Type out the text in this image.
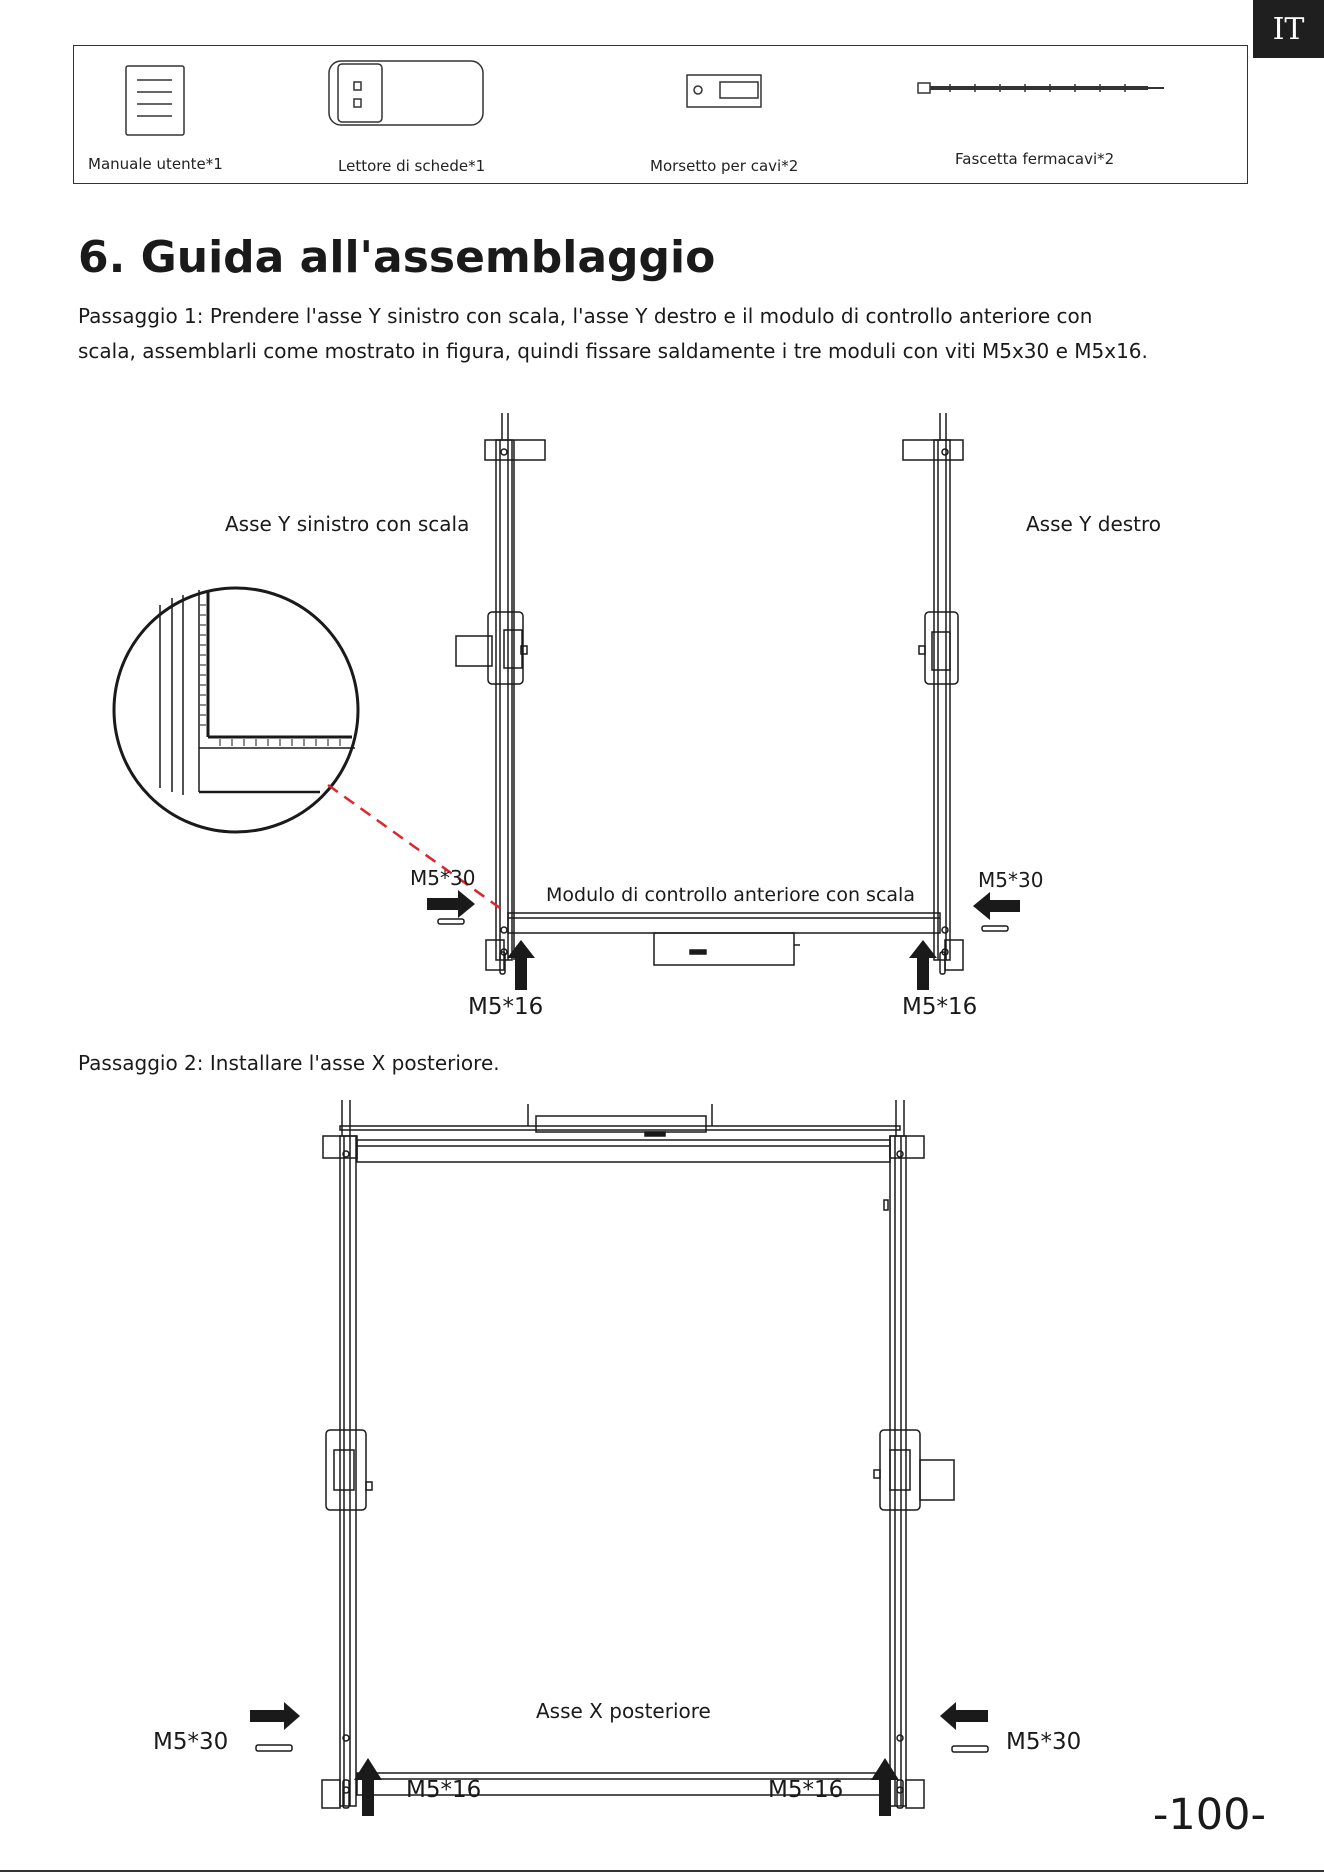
IT
Manuale utente*1	Lettore di schede*1	Morsetto per cavi*2	Fascetta fermacavi*2
6. Guida all'assemblaggio
Passaggio 1: Prendere l'asse Y sinistro con scala, l'asse Y destro e il modulo di controllo anteriore con scala, assemblarli come mostrato in figura, quindi fissare saldamente i tre moduli con viti M5x30 e M5x16.
Asse Y sinistro con scala	Asse Y destro
Modulo di controllo anteriore con scala
M5*30	M5*30
M5*16	M5*16
Passaggio 2: Installare l'asse X posteriore.
Asse X posteriore
M5*30	M5*30
M5*16	M5*16	-100-
